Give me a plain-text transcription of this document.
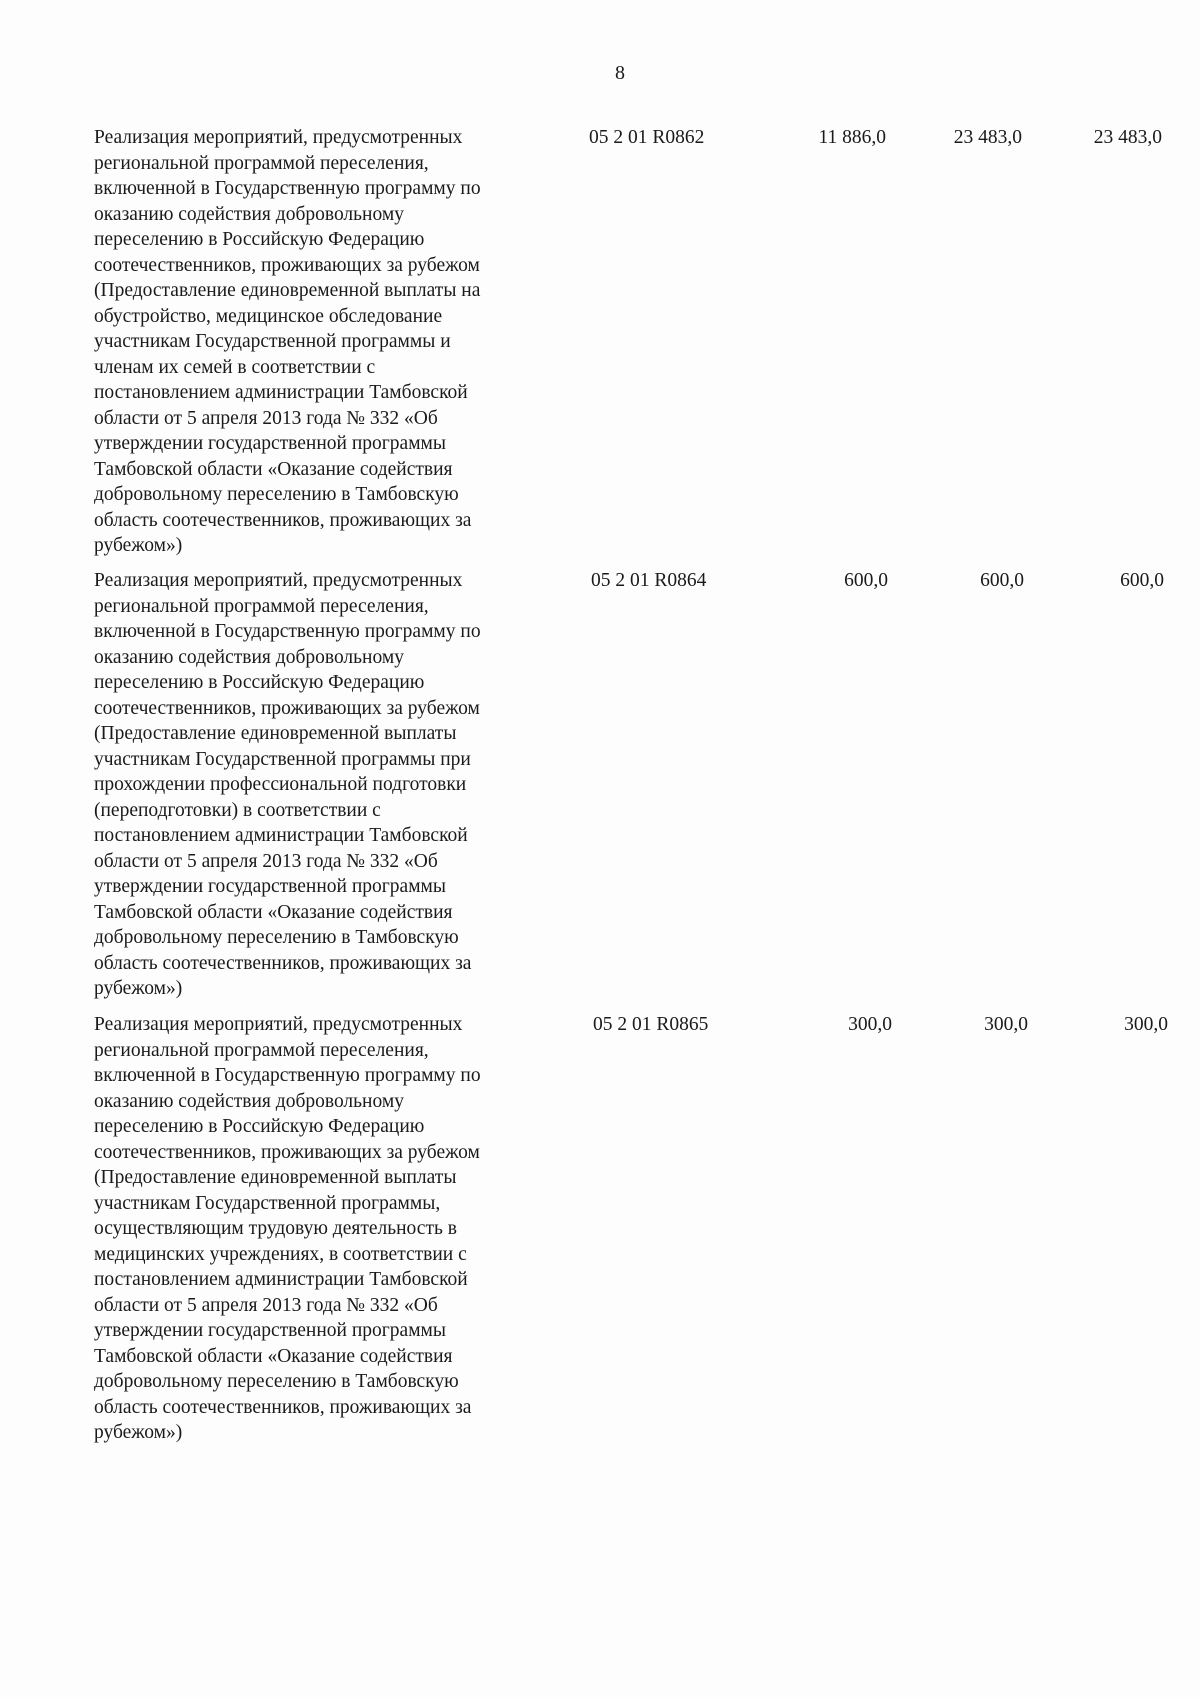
8
Реализация мероприятий, предусмотренных
региональной программой переселения,
включенной в Государственную программу по
оказанию содействия добровольному
переселению в Российскую Федерацию
соотечественников, проживающих за рубежом
(Предоставление единовременной выплаты на
обустройство, медицинское обследование
участникам Государственной программы и
членам их семей в соответствии с
постановлением администрации Тамбовской
области от 5 апреля 2013 года № 332 «Об
утверждении государственной программы
Тамбовской области «Оказание содействия
добровольному переселению в Тамбовскую
область соотечественников, проживающих за
рубежом»)
05 2 01 R0862	11 886,0	23 483,0	23 483,0
Реализация мероприятий, предусмотренных
региональной программой переселения,
включенной в Государственную программу по
оказанию содействия добровольному
переселению в Российскую Федерацию
соотечественников, проживающих за рубежом
(Предоставление единовременной выплаты
участникам Государственной программы при
прохождении профессиональной подготовки
(переподготовки) в соответствии с
постановлением администрации Тамбовской
области от 5 апреля 2013 года № 332 «Об
утверждении государственной программы
Тамбовской области «Оказание содействия
добровольному переселению в Тамбовскую
область соотечественников, проживающих за
рубежом»)
05 2 01 R0864	600,0	600,0	600,0
Реализация мероприятий, предусмотренных
региональной программой переселения,
включенной в Государственную программу по
оказанию содействия добровольному
переселению в Российскую Федерацию
соотечественников, проживающих за рубежом
(Предоставление единовременной выплаты
участникам Государственной программы,
осуществляющим трудовую деятельность в
медицинских учреждениях, в соответствии с
постановлением администрации Тамбовской
области от 5 апреля 2013 года № 332 «Об
утверждении государственной программы
Тамбовской области «Оказание содействия
добровольному переселению в Тамбовскую
область соотечественников, проживающих за
рубежом»)
05 2 01 R0865	300,0	300,0	300,0
